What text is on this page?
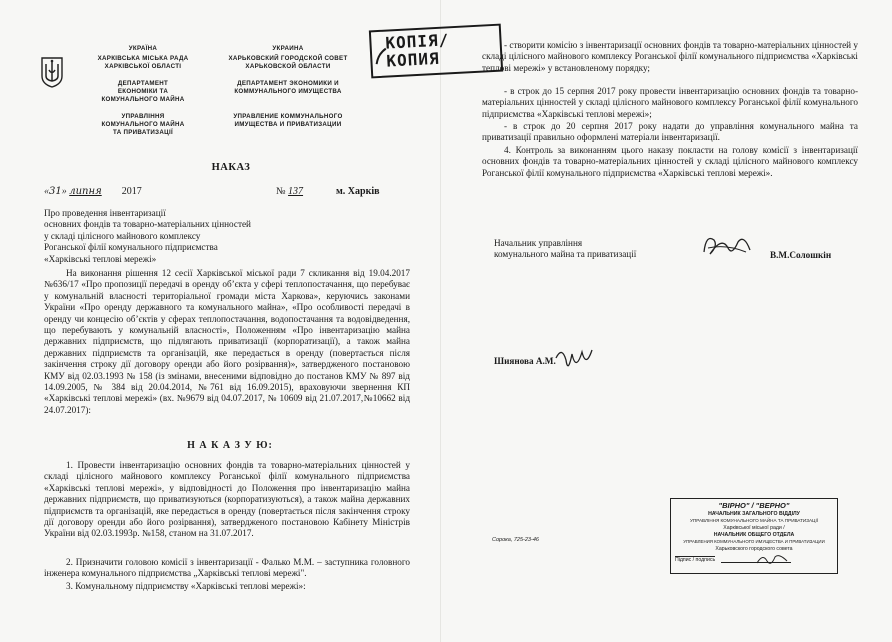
УКРАЇНА
ХАРКІВСЬКА МІСЬКА РАДА
ХАРКІВСЬКОЇ ОБЛАСТІ
ДЕПАРТАМЕНТ
ЕКОНОМІКИ ТА
КОМУНАЛЬНОГО МАЙНА
УПРАВЛІННЯ
КОМУНАЛЬНОГО МАЙНА
ТА ПРИВАТИЗАЦІЇ
УКРАИНА
ХАРЬКОВСКИЙ ГОРОДСКОЙ СОВЕТ
ХАРЬКОВСКОЙ ОБЛАСТИ
ДЕПАРТАМЕНТ ЭКОНОМИКИ И
КОММУНАЛЬНОГО ИМУЩЕСТВА
УПРАВЛЕНИЕ КОММУНАЛЬНОГО
ИМУЩЕСТВА И ПРИВАТИЗАЦИИ
НАКАЗ
«31» липня 2017	№ 137	м. Харків
Про проведення інвентаризації
основних фондів та товарно-матеріальних цінностей
у складі цілісного майнового комплексу
Роганської філії комунального підприємства
«Харківські теплові мережі»
На виконання рішення 12 сесії Харківської міської ради 7 скликання від 19.04.2017 №636/17 «Про пропозиції передачі в оренду об’єкта у сфері теплопостачання, що перебуває у комунальній власності територіальної громади міста Харкова», керуючись законами України «Про оренду державного та комунального майна», «Про особливості передачі в оренду чи концесію об’єктів у сферах теплопостачання, водопостачання та водовідведення, що перебувають у комунальній власності», Положенням «Про інвентаризацію майна державних підприємств, що підлягають приватизації (корпоратизації), а також майна державних підприємств та організацій, яке передається в оренду (повертається після закінчення строку дії договору оренди або його розірвання)», затвердженого постановою КМУ від 02.03.1993 № 158 (із змінами, внесеними відповідно до постанов КМУ № 897 від 14.09.2005, № 384 від 20.04.2014, №761 від 16.09.2015), враховуючи звернення КП «Харківські теплові мережі» (вх. №9679 від 04.07.2017, № 10609 від 21.07.2017,№10662 від 24.07.2017):
Н А К А З У Ю:
1. Провести інвентаризацію основних фондів та товарно-матеріальних цінностей у складі цілісного майнового комплексу Роганської філії комунального підприємства «Харківські теплові мережі», у відповідності до Положення про інвентаризацію майна державних підприємств, що приватизуються (корпоратизуються), а також майна державних підприємств та організацій, яке передається в оренду (повертається після закінчення строку дії договору оренди або його розірвання), затвердженого постановою Кабінету Міністрів України від 02.03.1993р. №158, станом на 31.07.2017.
2. Призначити головою комісії з інвентаризації - Фалько М.М. – заступника головного інженера комунального підприємства „Харківські теплові мережі".
3. Комунальному підприємству «Харківські теплові мережі»:
КОПІЯ/
КОПИЯ
- створити комісію з інвентаризації основних фондів та товарно-матеріальних цінностей у складі цілісного майнового комплексу Роганської філії комунального підприємства «Харківські теплові мережі» у встановленому порядку;
- в строк до 15 серпня 2017 року провести інвентаризацію основних фондів та товарно-матеріальних цінностей у складі цілісного майнового комплексу Роганської філії комунального підприємства «Харківські теплові мережі»;
- в строк до 20 серпня 2017 року надати до управління комунального майна та приватизації правильно оформлені матеріали інвентаризації.
4. Контроль за виконанням цього наказу покласти на голову комісії з інвентаризації основних фондів та товарно-матеріальних цінностей у складі цілісного майнового комплексу Роганської філії комунального підприємства «Харківські теплові мережі».
Начальник управління
комунального майна та приватизації	В.М.Солошкін
Шиянова А.М.
Сорока, 725-23-46
"ВІРНО" / "ВЕРНО"
НАЧАЛЬНИК ЗАГАЛЬНОГО ВІДДІЛУ
УПРАВЛІННЯ КОМУНАЛЬНОГО МАЙНА ТА ПРИВАТИЗАЦІЇ
Харківської міської ради /
НАЧАЛЬНИК ОБЩЕГО ОТДЕЛА
УПРАВЛЕНИЯ КОММУНАЛЬНОГО ИМУЩЕСТВА И ПРИВАТИЗАЦИИ
Харьковского городского совета
Підпис / подпись
